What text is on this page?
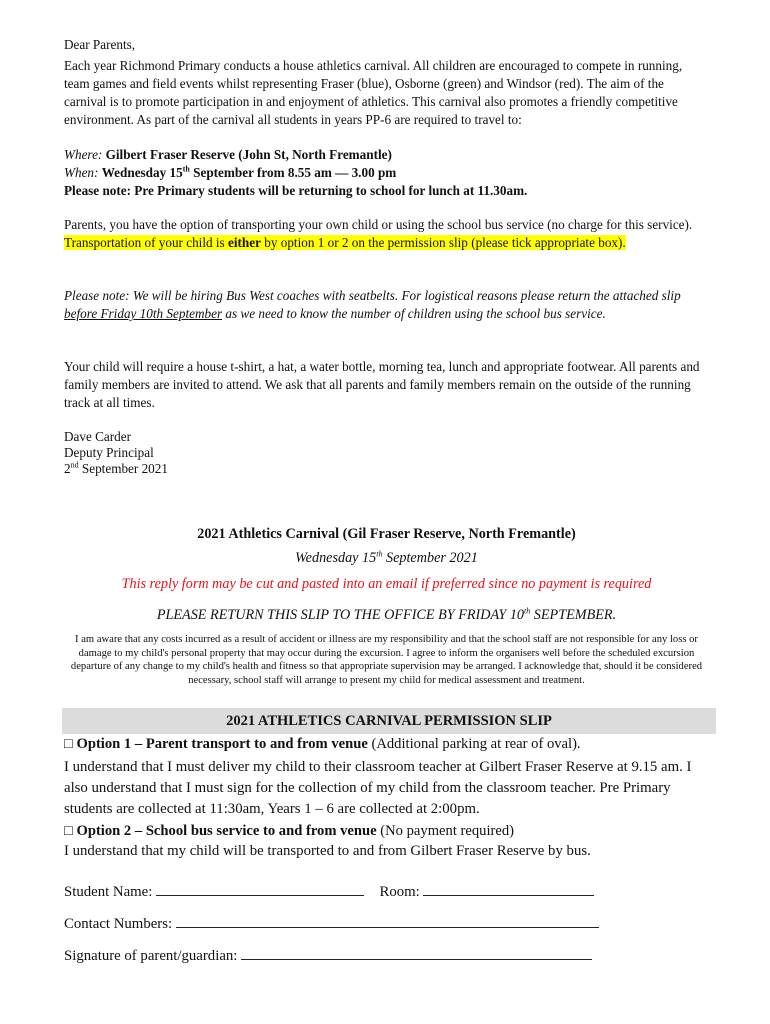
Dear Parents,

Each year Richmond Primary conducts a house athletics carnival. All children are encouraged to compete in running, team games and field events whilst representing Fraser (blue), Osborne (green) and Windsor (red). The aim of the carnival is to promote participation in and enjoyment of athletics. This carnival also promotes a friendly competitive environment. As part of the carnival all students in years PP-6 are required to travel to:

Where: Gilbert Fraser Reserve (John St, North Fremantle)

When: Wednesday 15th September from 8.55 am — 3.00 pm

Please note: Pre Primary students will be returning to school for lunch at 11.30am.

Parents, you have the option of transporting your own child or using the school bus service (no charge for this service). Transportation of your child is either by option 1 or 2 on the permission slip (please tick appropriate box).

Please note: We will be hiring Bus West coaches with seatbelts. For logistical reasons please return the attached slip before Friday 10th September as we need to know the number of children using the school bus service.

Your child will require a house t-shirt, a hat, a water bottle, morning tea, lunch and appropriate footwear. All parents and family members are invited to attend. We ask that all parents and family members remain on the outside of the running track at all times.

Dave Carder

Deputy Principal

2nd September 2021

2021 Athletics Carnival (Gil Fraser Reserve, North Fremantle)

Wednesday 15th September 2021

This reply form may be cut and pasted into an email if preferred since no payment is required

PLEASE RETURN THIS SLIP TO THE OFFICE BY FRIDAY 10th SEPTEMBER.

I am aware that any costs incurred as a result of accident or illness are my responsibility and that the school staff are not responsible for any loss or damage to my child's personal property that may occur during the excursion. I agree to inform the organisers well before the scheduled excursion departure of any change to my child's health and fitness so that appropriate supervision may be arranged. I acknowledge that, should it be considered necessary, school staff will arrange to present my child for medical assessment and treatment.

2021 ATHLETICS CARNIVAL PERMISSION SLIP

□ Option 1 – Parent transport to and from venue (Additional parking at rear of oval).

I understand that I must deliver my child to their classroom teacher at Gilbert Fraser Reserve at 9.15 am. I also understand that I must sign for the collection of my child from the classroom teacher. Pre Primary students are collected at 11:30am, Years 1 – 6 are collected at 2:00pm.

□ Option 2 – School bus service to and from venue (No payment required)

I understand that my child will be transported to and from Gilbert Fraser Reserve by bus.

Student Name:	Room:
Contact Numbers:
Signature of parent/guardian:
